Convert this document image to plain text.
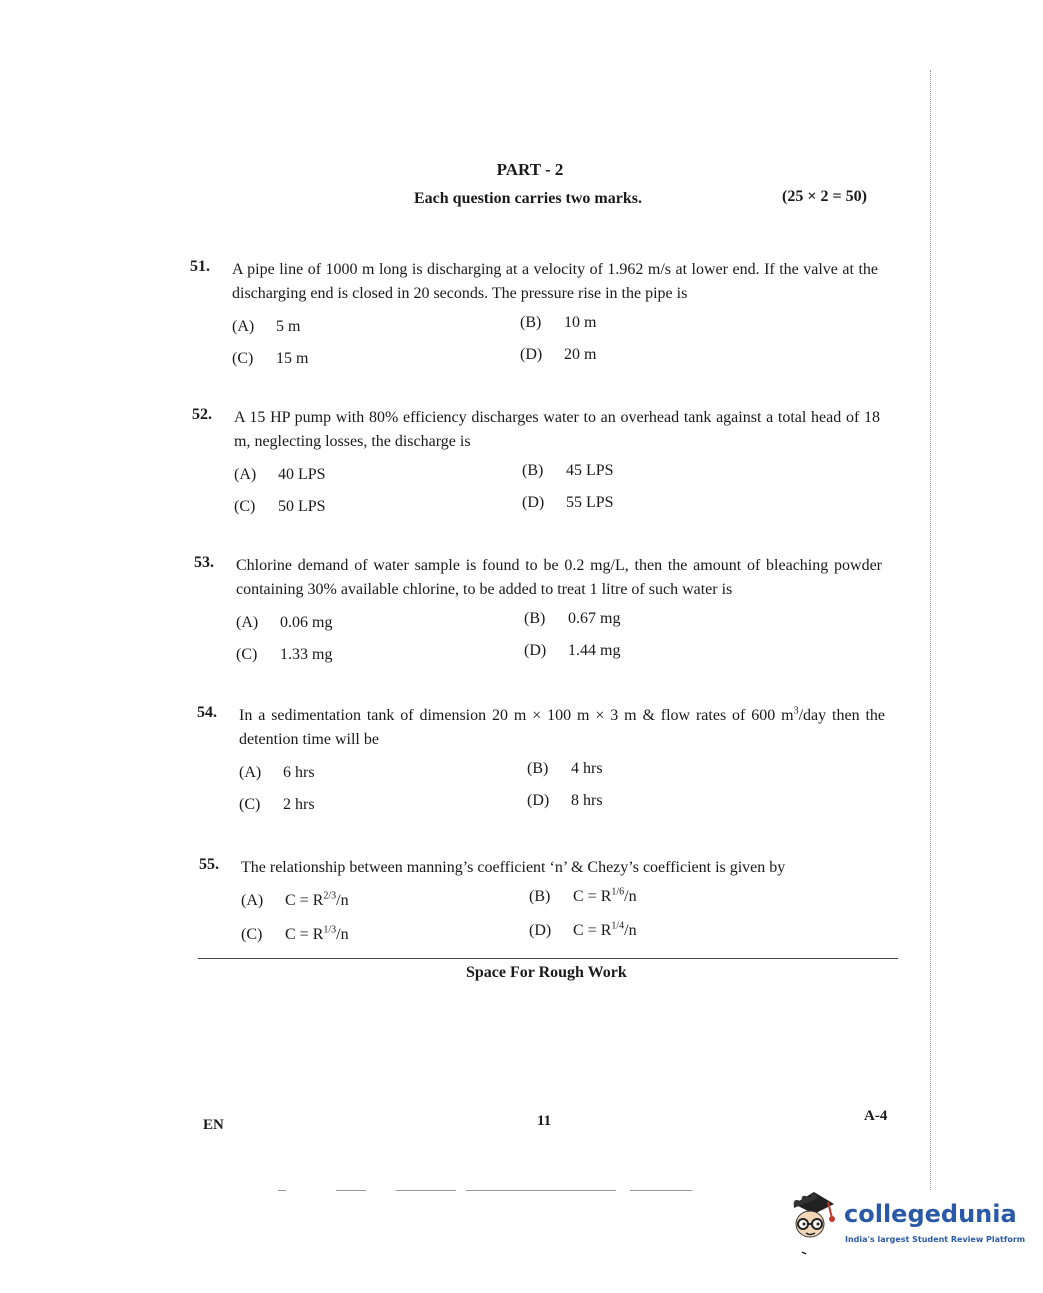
PART - 2
Each question carries two marks.	(25 × 2 = 50)
51. A pipe line of 1000 m long is discharging at a velocity of 1.962 m/s at lower end. If the valve at the discharging end is closed in 20 seconds. The pressure rise in the pipe is
(A) 5 m	(B) 10 m
(C) 15 m	(D) 20 m
52. A 15 HP pump with 80% efficiency discharges water to an overhead tank against a total head of 18 m, neglecting losses, the discharge is
(A) 40 LPS	(B) 45 LPS
(C) 50 LPS	(D) 55 LPS
53. Chlorine demand of water sample is found to be 0.2 mg/L, then the amount of bleaching powder containing 30% available chlorine, to be added to treat 1 litre of such water is
(A) 0.06 mg	(B) 0.67 mg
(C) 1.33 mg	(D) 1.44 mg
54. In a sedimentation tank of dimension 20 m × 100 m × 3 m & flow rates of 600 $m^3$/day then the detention time will be
(A) 6 hrs	(B) 4 hrs
(C) 2 hrs	(D) 8 hrs
55. The relationship between manning’s coefficient ‘n’ & Chezy’s coefficient is given by
(A) $C = R^{2/3}/n$	(B) $C = R^{1/6}/n$
(C) $C = R^{1/3}/n$	(D) $C = R^{1/4}/n$
Space For Rough Work
EN	11	A-4
collegedunia
India's largest Student Review Platform
